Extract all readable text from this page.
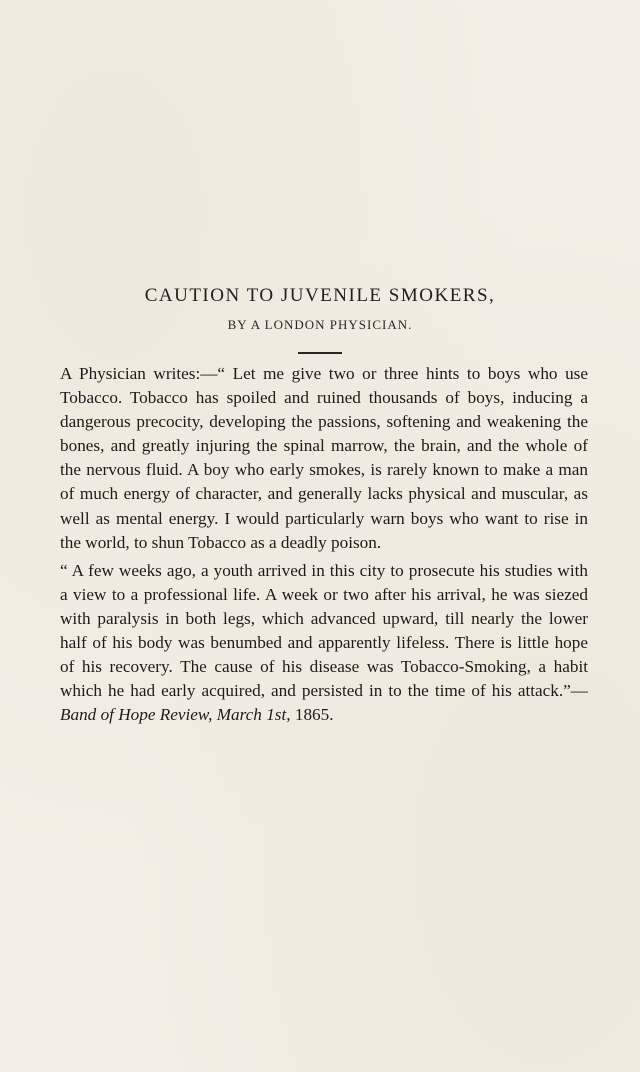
CAUTION TO JUVENILE SMOKERS,
BY A LONDON PHYSICIAN.

A Physician writes:—“ Let me give two or three hints to boys who use Tobacco. Tobacco has spoiled and ruined thousands of boys, inducing a dangerous precocity, developing the passions, softening and weakening the bones, and greatly injuring the spinal marrow, the brain, and the whole of the nervous fluid. A boy who early smokes, is rarely known to make a man of much energy of character, and generally lacks physical and muscular, as well as mental energy. I would particularly warn boys who want to rise in the world, to shun Tobacco as a deadly poison.

“ A few weeks ago, a youth arrived in this city to prosecute his studies with a view to a professional life. A week or two after his arrival, he was siezed with paralysis in both legs, which advanced upward, till nearly the lower half of his body was benumbed and apparently lifeless. There is little hope of his recovery. The cause of his disease was Tobacco-Smoking, a habit which he had early acquired, and persisted in to the time of his attack.”—Band of Hope Review, March 1st, 1865.
